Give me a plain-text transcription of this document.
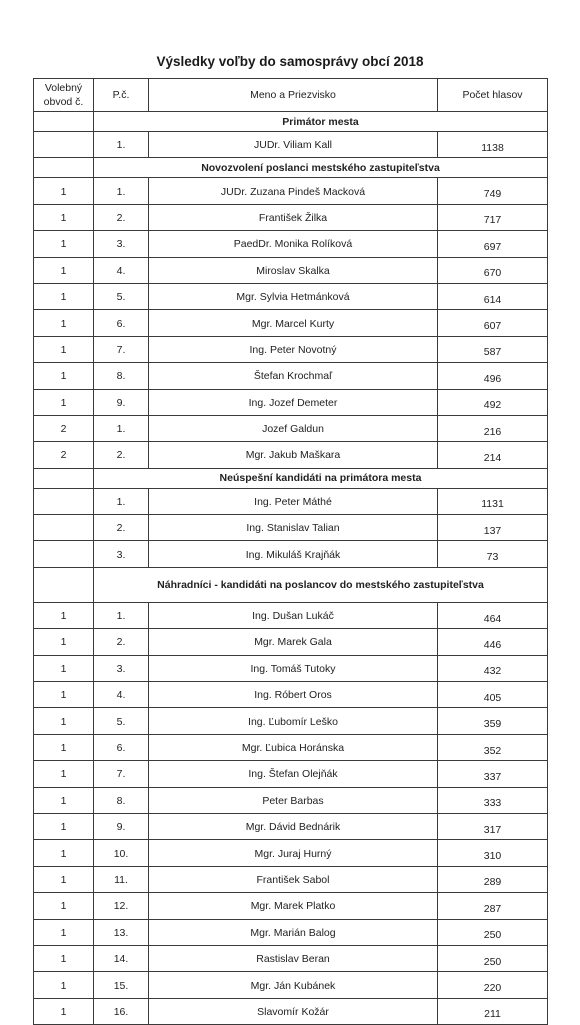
Výsledky voľby do samosprávy obcí 2018
Volebný obvod č.	P.č.	Meno a Priezvisko	Počet hlasov
	Primátor mesta		
	1.	JUDr. Viliam Kall	1138
	Novozvolení poslanci mestského zastupiteľstva		
1	1.	JUDr. Zuzana Pindeš Macková	749
1	2.	František Žilka	717
1	3.	PaedDr. Monika Rolíková	697
1	4.	Miroslav Skalka	670
1	5.	Mgr. Sylvia Hetmánková	614
1	6.	Mgr. Marcel Kurty	607
1	7.	Ing. Peter Novotný	587
1	8.	Štefan Krochmaľ	496
1	9.	Ing. Jozef Demeter	492
2	1.	Jozef Galdun	216
2	2.	Mgr. Jakub Maškara	214
	Neúspešní kandidáti na primátora mesta		
	1.	Ing. Peter Máthé	1131
	2.	Ing. Stanislav Talian	137
	3.	Ing. Mikuláš Krajňák	73
	Náhradníci - kandidáti na poslancov do mestského zastupiteľstva		
1	1.	Ing. Dušan Lukáč	464
1	2.	Mgr. Marek Gala	446
1	3.	Ing. Tomáš Tutoky	432
1	4.	Ing. Róbert Oros	405
1	5.	Ing. Ľubomír Leško	359
1	6.	Mgr. Ľubica Horánska	352
1	7.	Ing. Štefan Olejňák	337
1	8.	Peter Barbas	333
1	9.	Mgr. Dávid Bednárik	317
1	10.	Mgr. Juraj Hurný	310
1	11.	František Sabol	289
1	12.	Mgr. Marek Platko	287
1	13.	Mgr. Marián Balog	250
1	14.	Rastislav Beran	250
1	15.	Mgr. Ján Kubánek	220
1	16.	Slavomír Kožár	211
